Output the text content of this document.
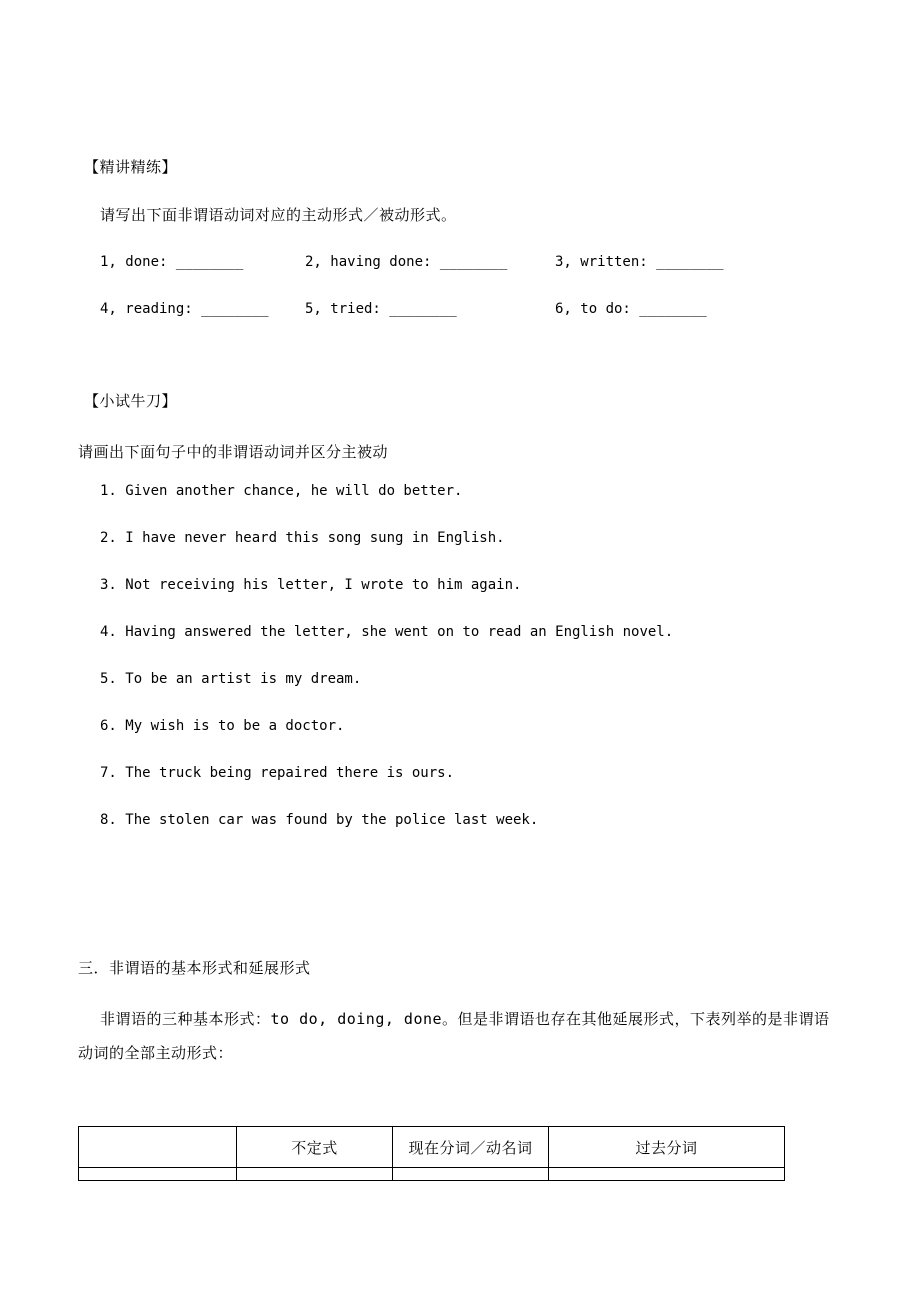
【精讲精练】
请写出下面非谓语动词对应的主动形式／被动形式。
1, done: ________	2, having done: ________	3, written: ________
4, reading: ________	5, tried: ________	6, to do: ________
【小试牛刀】
请画出下面句子中的非谓语动词并区分主被动
1. Given another chance, he will do better.
2. I have never heard this song sung in English.
3. Not receiving his letter, I wrote to him again.
4. Having answered the letter, she went on to read an English novel.
5. To be an artist is my dream.
6. My wish is to be a doctor.
7. The truck being repaired there is ours.
8. The stolen car was found by the police last week.
三．非谓语的基本形式和延展形式
非谓语的三种基本形式：to do, doing, done。但是非谓语也存在其他延展形式，下表列举的是非谓语动词的全部主动形式：
	不定式	现在分词／动名词	过去分词
